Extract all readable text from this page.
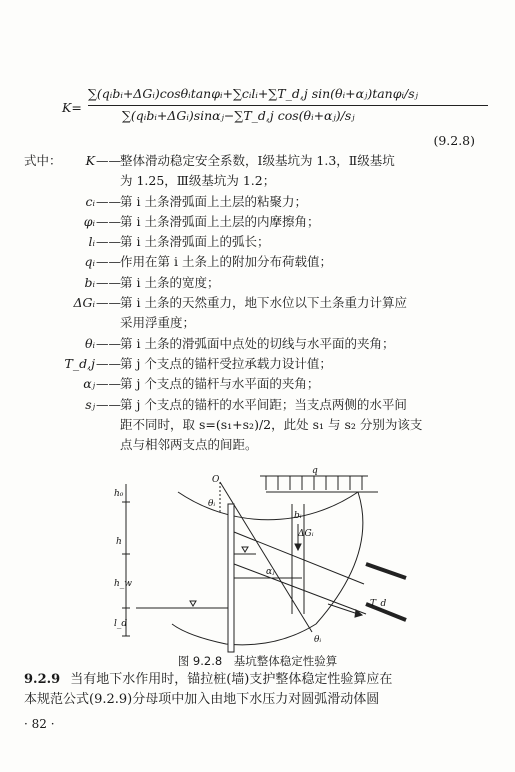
K=
∑(qᵢbᵢ+ΔGᵢ)cosθᵢtanφᵢ+∑cᵢlᵢ+∑T_d,j sin(θᵢ+αⱼ)tanφᵢ/sⱼ
∑(qᵢbᵢ+ΔGᵢ)sinαⱼ−∑T_d,j cos(θᵢ+αⱼ)/sⱼ
(9.2.8)
式中： K —— 整体滑动稳定安全系数，Ⅰ级基坑为 1.3，Ⅱ级基坑
为 1.25，Ⅲ级基坑为 1.2；
cᵢ —— 第 i 土条滑弧面上土层的粘聚力；
φᵢ —— 第 i 土条滑弧面上土层的内摩擦角；
lᵢ —— 第 i 土条滑弧面上的弧长；
qᵢ —— 作用在第 i 土条上的附加分布荷载值；
bᵢ —— 第 i 土条的宽度；
ΔGᵢ —— 第 i 土条的天然重力，地下水位以下土条重力计算应
采用浮重度；
θᵢ —— 第 i 土条的滑弧面中点处的切线与水平面的夹角；
T_d,j —— 第 j 个支点的锚杆受拉承载力设计值；
αⱼ —— 第 j 个支点的锚杆与水平面的夹角；
sⱼ —— 第 j 个支点的锚杆的水平间距；当支点两侧的水平间
距不同时，取 s=(s₁+s₂)/2，此处 s₁ 与 s₂ 分别为该支
点与相邻两支点的间距。
q
O
θᵢ
bᵢ
ΔGᵢ
αⱼ
T_d
θᵢ
h₀
h
h_w
l_d
图 9.2.8　基坑整体稳定性验算
9.2.9 当有地下水作用时，锚拉桩(墙)支护整体稳定性验算应在
本规范公式(9.2.9)分母项中加入由地下水压力对圆弧滑动体圆
· 82 ·
